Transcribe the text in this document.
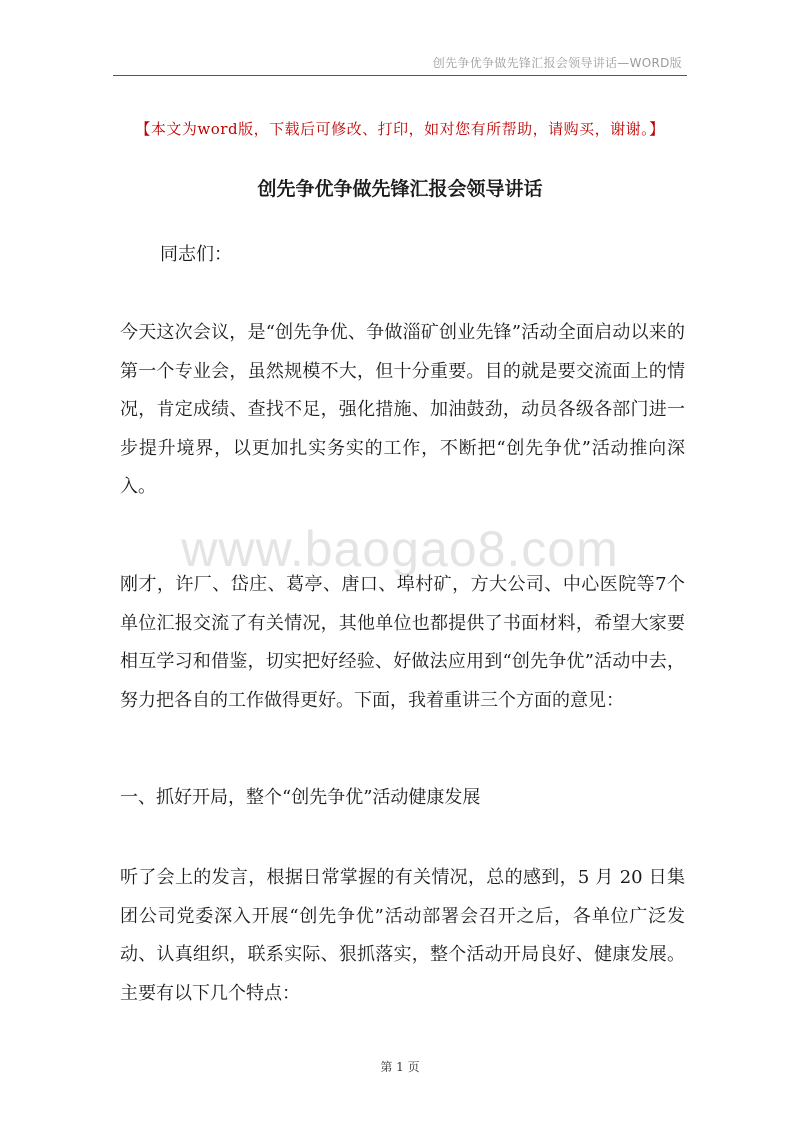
创先争优争做先锋汇报会领导讲话—WORD版
【本文为word版，下载后可修改、打印，如对您有所帮助，请购买，谢谢。】
创先争优争做先锋汇报会领导讲话
同志们：

今天这次会议，是“创先争优、争做淄矿创业先锋”活动全面启动以来的第一个专业会，虽然规模不大，但十分重要。目的就是要交流面上的情况，肯定成绩、查找不足，强化措施、加油鼓劲，动员各级各部门进一步提升境界，以更加扎实务实的工作，不断把“创先争优”活动推向深入。

www.baogao8.com

刚才，许厂、岱庄、葛亭、唐口、埠村矿，方大公司、中心医院等7个单位汇报交流了有关情况，其他单位也都提供了书面材料，希望大家要相互学习和借鉴，切实把好经验、好做法应用到“创先争优”活动中去，努力把各自的工作做得更好。下面，我着重讲三个方面的意见：

一、抓好开局，整个“创先争优”活动健康发展

听了会上的发言，根据日常掌握的有关情况，总的感到，5 月 20 日集团公司党委深入开展“创先争优”活动部署会召开之后，各单位广泛发动、认真组织，联系实际、狠抓落实，整个活动开局良好、健康发展。主要有以下几个特点：

第 1 页
